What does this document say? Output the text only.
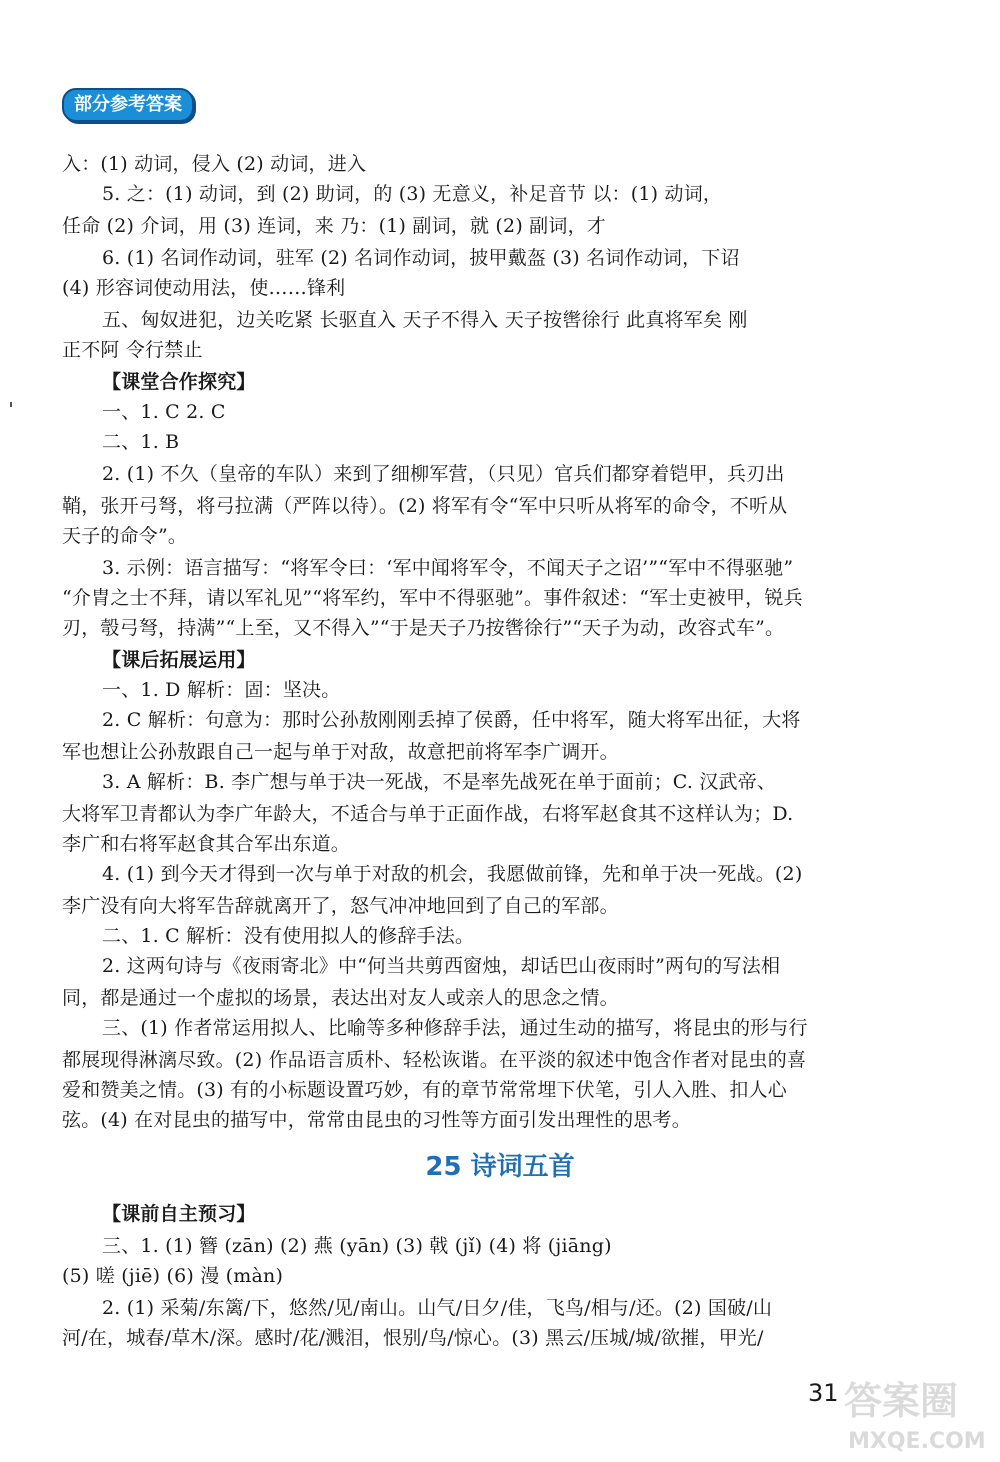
部分参考答案
入：(1) 动词，侵入 (2) 动词，进入
5. 之：(1) 动词，到 (2) 助词，的 (3) 无意义，补足音节 以：(1) 动词，
任命 (2) 介词，用 (3) 连词，来 乃：(1) 副词，就 (2) 副词，才
6. (1) 名词作动词，驻军 (2) 名词作动词，披甲戴盔 (3) 名词作动词，下诏
(4) 形容词使动用法，使……锋利
五、匈奴进犯，边关吃紧 长驱直入 天子不得入 天子按辔徐行 此真将军矣 刚
正不阿 令行禁止
【课堂合作探究】
一、1. C 2. C
二、1. B
2. (1) 不久（皇帝的车队）来到了细柳军营，（只见）官兵们都穿着铠甲，兵刃出
鞘，张开弓弩，将弓拉满（严阵以待）。(2) 将军有令“军中只听从将军的命令，不听从
天子的命令”。
3. 示例：语言描写：“将军令曰：‘军中闻将军令，不闻天子之诏’”“军中不得驱驰”
“介胄之士不拜，请以军礼见”“将军约，军中不得驱驰”。事件叙述：“军士吏被甲，锐兵
刃，彀弓弩，持满”“上至，又不得入”“于是天子乃按辔徐行”“天子为动，改容式车”。
【课后拓展运用】
一、1. D 解析：固：坚决。
2. C 解析：句意为：那时公孙敖刚刚丢掉了侯爵，任中将军，随大将军出征，大将
军也想让公孙敖跟自己一起与单于对敌，故意把前将军李广调开。
3. A 解析：B. 李广想与单于决一死战，不是率先战死在单于面前；C. 汉武帝、
大将军卫青都认为李广年龄大，不适合与单于正面作战，右将军赵食其不这样认为；D.
李广和右将军赵食其合军出东道。
4. (1) 到今天才得到一次与单于对敌的机会，我愿做前锋，先和单于决一死战。(2)
李广没有向大将军告辞就离开了，怒气冲冲地回到了自己的军部。
二、1. C 解析：没有使用拟人的修辞手法。
2. 这两句诗与《夜雨寄北》中“何当共剪西窗烛，却话巴山夜雨时”两句的写法相
同，都是通过一个虚拟的场景，表达出对友人或亲人的思念之情。
三、(1) 作者常运用拟人、比喻等多种修辞手法，通过生动的描写，将昆虫的形与行
都展现得淋漓尽致。(2) 作品语言质朴、轻松诙谐。在平淡的叙述中饱含作者对昆虫的喜
爱和赞美之情。(3) 有的小标题设置巧妙，有的章节常常埋下伏笔，引人入胜、扣人心
弦。(4) 在对昆虫的描写中，常常由昆虫的习性等方面引发出理性的思考。
25 诗词五首
【课前自主预习】
三、1. (1) 簪 (zān) (2) 燕 (yān) (3) 戟 (jǐ) (4) 将 (jiāng)
(5) 嗟 (jiē) (6) 漫 (màn)
2. (1) 采菊/东篱/下，悠然/见/南山。山气/日夕/佳，飞鸟/相与/还。(2) 国破/山
河/在，城春/草木/深。感时/花/溅泪，恨别/鸟/惊心。(3) 黑云/压城/城/欲摧，甲光/
31 答案圈
MXQE.COM
